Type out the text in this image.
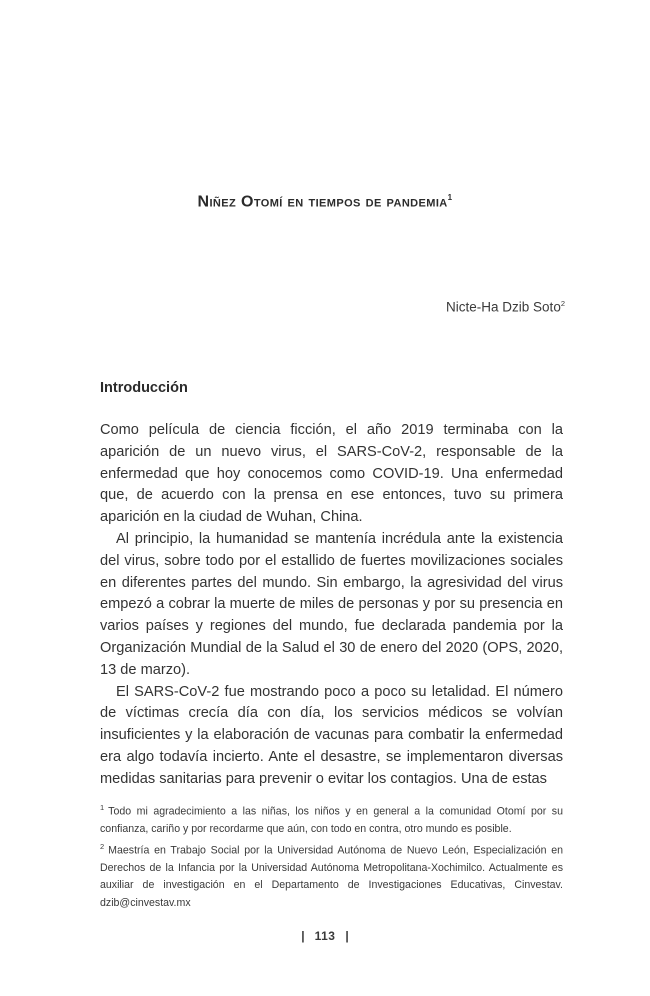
Niñez Otomí en tiempos de pandemia$^1$
Nicte-Ha Dzib Soto$^2$
Introducción

Como película de ciencia ficción, el año 2019 terminaba con la aparición de un nuevo virus, el SARS-CoV-2, responsable de la enfermedad que hoy conocemos como COVID-19. Una enfermedad que, de acuerdo con la prensa en ese entonces, tuvo su primera aparición en la ciudad de Wuhan, China.

Al principio, la humanidad se mantenía incrédula ante la existencia del virus, sobre todo por el estallido de fuertes movilizaciones sociales en diferentes partes del mundo. Sin embargo, la agresividad del virus empezó a cobrar la muerte de miles de personas y por su presencia en varios países y regiones del mundo, fue declarada pandemia por la Organización Mundial de la Salud el 30 de enero del 2020 (OPS, 2020, 13 de marzo).

El SARS-CoV-2 fue mostrando poco a poco su letalidad. El número de víctimas crecía día con día, los servicios médicos se volvían insuficientes y la elaboración de vacunas para combatir la enfermedad era algo todavía incierto. Ante el desastre, se implementaron diversas medidas sanitarias para prevenir o evitar los contagios. Una de estas

$^1$ Todo mi agradecimiento a las niñas, los niños y en general a la comunidad Otomí por su confianza, cariño y por recordarme que aún, con todo en contra, otro mundo es posible.

$^2$ Maestría en Trabajo Social por la Universidad Autónoma de Nuevo León, Especialización en Derechos de la Infancia por la Universidad Autónoma Metropolitana-Xochimilco. Actualmente es auxiliar de investigación en el Departamento de Investigaciones Educativas, Cinvestav. dzib@cinvestav.mx

| 113 |
